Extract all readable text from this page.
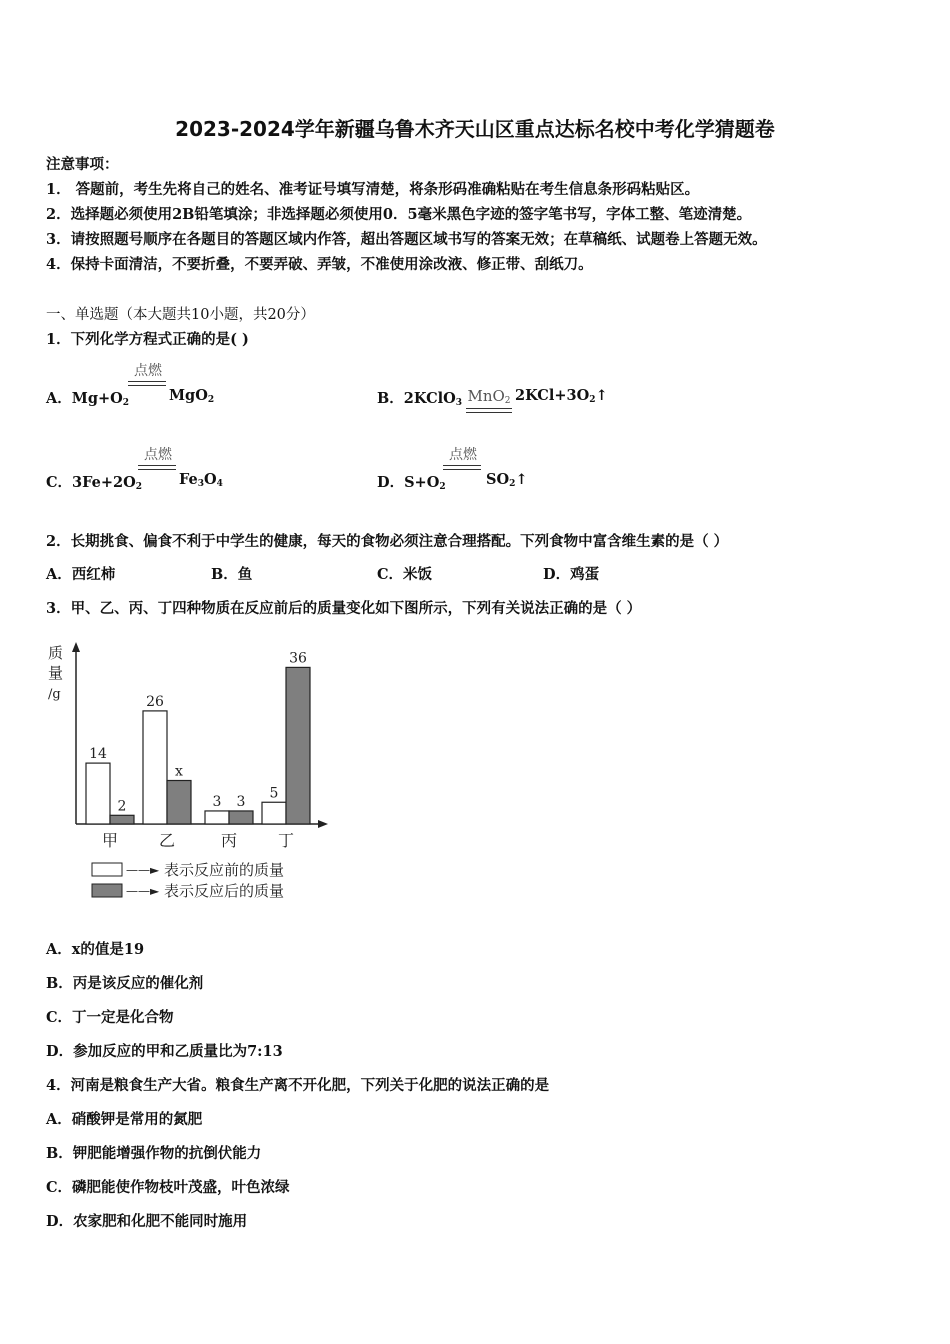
2023-2024学年新疆乌鲁木齐天山区重点达标名校中考化学猜题卷
注意事项：
1． 答题前，考生先将自己的姓名、准考证号填写清楚，将条形码准确粘贴在考生信息条形码粘贴区。
2．选择题必须使用2B铅笔填涂；非选择题必须使用0．5毫米黑色字迹的签字笔书写，字体工整、笔迹清楚。
3．请按照题号顺序在各题目的答题区域内作答，超出答题区域书写的答案无效；在草稿纸、试题卷上答题无效。
4．保持卡面清洁，不要折叠，不要弄破、弄皱，不准使用涂改液、修正带、刮纸刀。
一、单选题（本大题共10小题，共20分）
1．下列化学方程式正确的是( )
A．$Mg+O_2$
点燃
MgO$_2$	B．2KClO$_3$ MnO$_2$ $2KCl+3O_2↑$
C．$3Fe+2O_2$
点燃
$Fe_3O_4$	D．$S+O_2$
点燃
$SO_2↑$
2．长期挑食、偏食不利于中学生的健康，每天的食物必须注意合理搭配。下列食物中富含维生素的是（ ）
A．西红柿	B．鱼	C．米饭	D．鸡蛋
3．甲、乙、丙、丁四种物质在反应前后的质量变化如下图所示，下列有关说法正确的是（ ）
质
量
/g
14
2
甲
26
x
乙
3 3
丙
5
36
丁
——► 表示反应前的质量
——► 表示反应后的质量
A．x的值是19
B．丙是该反应的催化剂
C．丁一定是化合物
D．参加反应的甲和乙质量比为7:13
4．河南是粮食生产大省。粮食生产离不开化肥，下列关于化肥的说法正确的是
A．硝酸钾是常用的氮肥
B．钾肥能增强作物的抗倒伏能力
C．磷肥能使作物枝叶茂盛，叶色浓绿
D．农家肥和化肥不能同时施用
